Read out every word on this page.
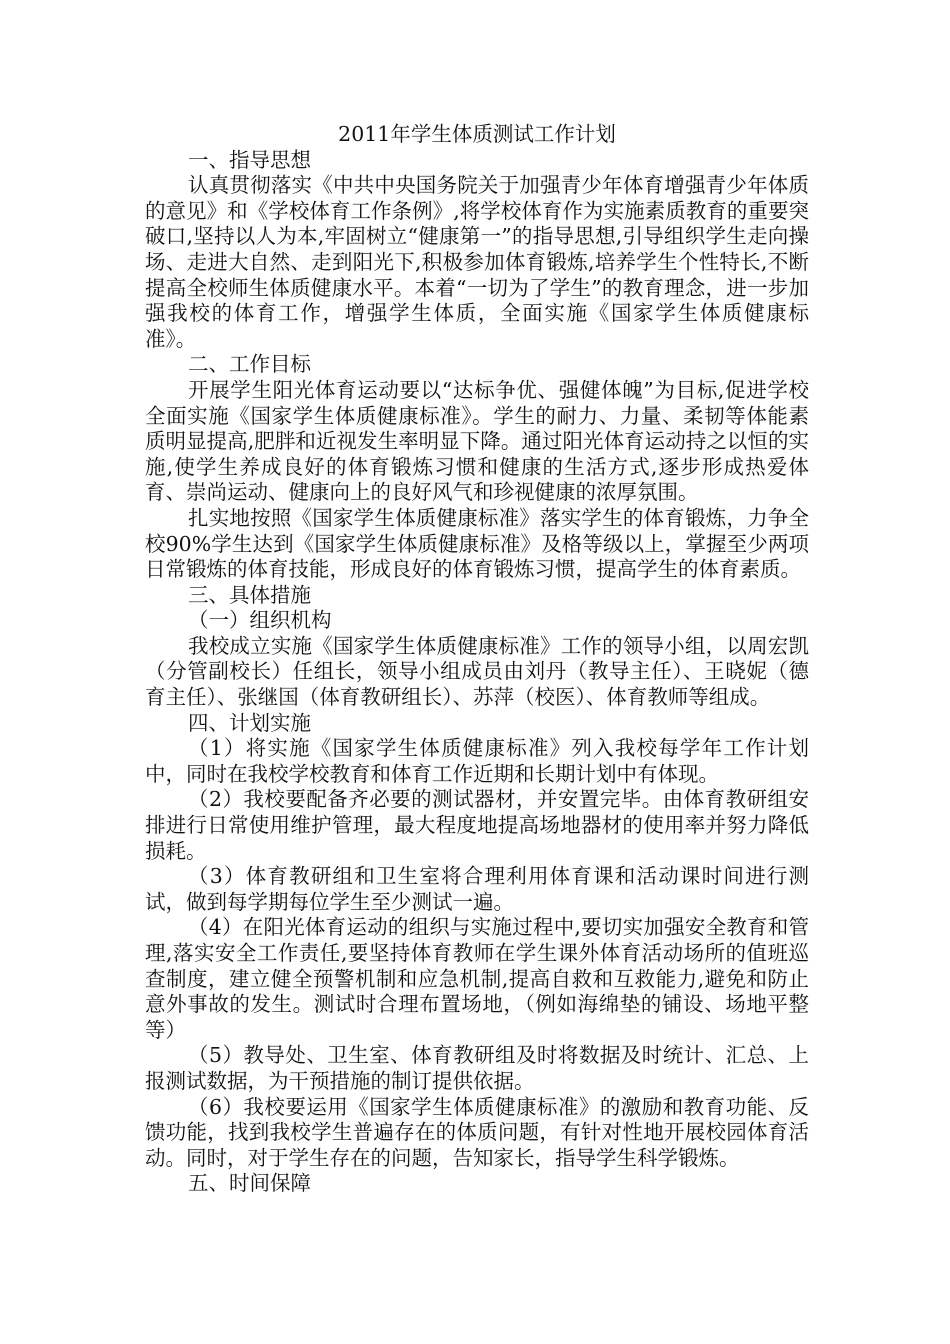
2011年学生体质测试工作计划

一、指导思想

认真贯彻落实《中共中央国务院关于加强青少年体育增强青少年体质的意见》和《学校体育工作条例》,将学校体育作为实施素质教育的重要突破口,坚持以人为本,牢固树立“健康第一”的指导思想,引导组织学生走向操场、走进大自然、走到阳光下,积极参加体育锻炼,培养学生个性特长,不断提高全校师生体质健康水平。本着“一切为了学生”的教育理念，进一步加强我校的体育工作，增强学生体质，全面实施《国家学生体质健康标准》。

二、工作目标

开展学生阳光体育运动要以“达标争优、强健体魄”为目标,促进学校全面实施《国家学生体质健康标准》。学生的耐力、力量、柔韧等体能素质明显提高,肥胖和近视发生率明显下降。通过阳光体育运动持之以恒的实施,使学生养成良好的体育锻炼习惯和健康的生活方式,逐步形成热爱体育、崇尚运动、健康向上的良好风气和珍视健康的浓厚氛围。

扎实地按照《国家学生体质健康标准》落实学生的体育锻炼，力争全校90%学生达到《国家学生体质健康标准》及格等级以上，掌握至少两项日常锻炼的体育技能，形成良好的体育锻炼习惯，提高学生的体育素质。

三、具体措施

（一）组织机构

我校成立实施《国家学生体质健康标准》工作的领导小组，以周宏凯（分管副校长）任组长，领导小组成员由刘丹（教导主任）、王晓妮（德育主任）、张继国（体育教研组长）、苏萍（校医）、体育教师等组成。

四、计划实施

（1）将实施《国家学生体质健康标准》列入我校每学年工作计划中，同时在我校学校教育和体育工作近期和长期计划中有体现。

（2）我校要配备齐必要的测试器材，并安置完毕。由体育教研组安排进行日常使用维护管理，最大程度地提高场地器材的使用率并努力降低损耗。

（3）体育教研组和卫生室将合理利用体育课和活动课时间进行测试，做到每学期每位学生至少测试一遍。

（4）在阳光体育运动的组织与实施过程中,要切实加强安全教育和管理,落实安全工作责任,要坚持体育教师在学生课外体育活动场所的值班巡查制度，建立健全预警机制和应急机制,提高自救和互救能力,避免和防止意外事故的发生。测试时合理布置场地，（例如海绵垫的铺设、场地平整等）

（5）教导处、卫生室、体育教研组及时将数据及时统计、汇总、上报测试数据，为干预措施的制订提供依据。

（6）我校要运用《国家学生体质健康标准》的激励和教育功能、反馈功能，找到我校学生普遍存在的体质问题，有针对性地开展校园体育活动。同时，对于学生存在的问题，告知家长，指导学生科学锻炼。

五、时间保障
